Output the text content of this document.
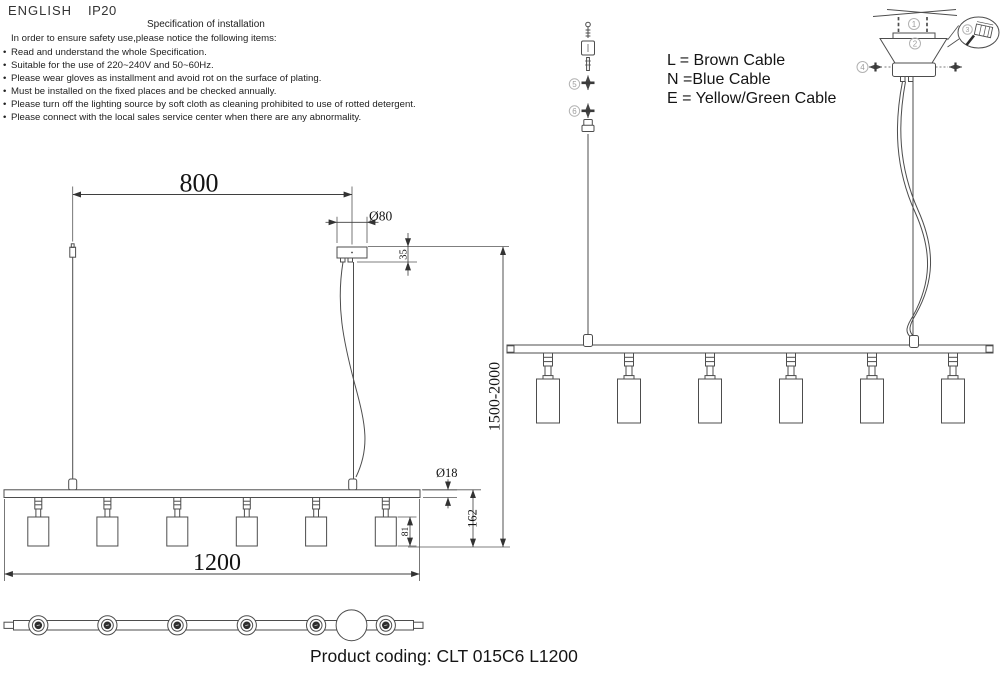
800
Ø80
35
1500-2000
Ø18
162
81
1200
1
2
3
4
5
6
ENGLISH IP20
Specification of installation
In order to ensure safety use,please notice the following items:
• Read and understand the whole Specification.
• Suitable for the use of 220~240V and 50~60Hz.
• Please wear gloves as installment and avoid rot on the surface of plating.
• Must be installed on the fixed places and be checked annually.
• Please turn off the lighting source by soft cloth as cleaning prohibited to use of rotted detergent.
• Please connect with the local sales service center when there are any abnormality.
L = Brown Cable
N =Blue Cable
E = Yellow/Green Cable
Product coding: CLT 015C6 L1200
